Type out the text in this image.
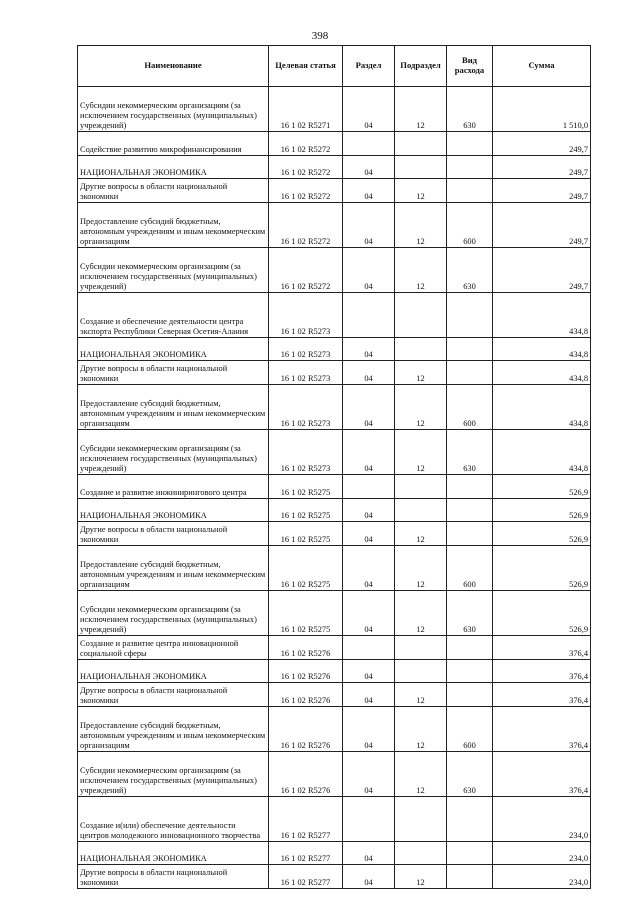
398
Наименование	Целевая статья	Раздел	Подраздел	Вид расхода	Сумма
Субсидии некоммерческим организациям (за исключением государственных (муниципальных) учреждений)	16 1 02 R5271	04	12	630	1 510,0
Содействие развитию микрофинансирования	16 1 02 R5272				249,7
НАЦИОНАЛЬНАЯ ЭКОНОМИКА	16 1 02 R5272	04			249,7
Другие вопросы в области национальной экономики	16 1 02 R5272	04	12		249,7
Предоставление субсидий бюджетным, автономным учреждениям и иным некоммерческим организациям	16 1 02 R5272	04	12	600	249,7
Субсидии некоммерческим организациям (за исключением государственных (муниципальных) учреждений)	16 1 02 R5272	04	12	630	249,7
Создание и обеспечение деятельности центра экспорта Республики Северная Осетия-Алания	16 1 02 R5273				434,8
НАЦИОНАЛЬНАЯ ЭКОНОМИКА	16 1 02 R5273	04			434,8
Другие вопросы в области национальной экономики	16 1 02 R5273	04	12		434,8
Предоставление субсидий бюджетным, автономным учреждениям и иным некоммерческим организациям	16 1 02 R5273	04	12	600	434,8
Субсидии некоммерческим организациям (за исключением государственных (муниципальных) учреждений)	16 1 02 R5273	04	12	630	434,8
Создание и развитие инжинирингового центра	16 1 02 R5275				526,9
НАЦИОНАЛЬНАЯ ЭКОНОМИКА	16 1 02 R5275	04			526,9
Другие вопросы в области национальной экономики	16 1 02 R5275	04	12		526,9
Предоставление субсидий бюджетным, автономным учреждениям и иным некоммерческим организациям	16 1 02 R5275	04	12	600	526,9
Субсидии некоммерческим организациям (за исключением государственных (муниципальных) учреждений)	16 1 02 R5275	04	12	630	526,9
Создание и развитие центра инновационной социальной сферы	16 1 02 R5276				376,4
НАЦИОНАЛЬНАЯ ЭКОНОМИКА	16 1 02 R5276	04			376,4
Другие вопросы в области национальной экономики	16 1 02 R5276	04	12		376,4
Предоставление субсидий бюджетным, автономным учреждениям и иным некоммерческим организациям	16 1 02 R5276	04	12	600	376,4
Субсидии некоммерческим организациям (за исключением государственных (муниципальных) учреждений)	16 1 02 R5276	04	12	630	376,4
Создание и(или) обеспечение деятельности центров молодежного инновационного творчества	16 1 02 R5277				234,0
НАЦИОНАЛЬНАЯ ЭКОНОМИКА	16 1 02 R5277	04			234,0
Другие вопросы в области национальной экономики	16 1 02 R5277	04	12		234,0
